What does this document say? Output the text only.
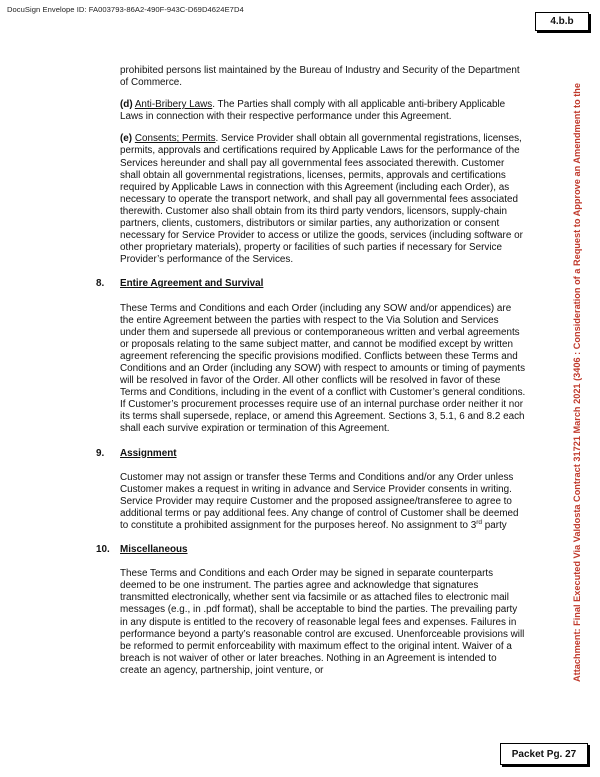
DocuSign Envelope ID: FA003793-86A2-490F-943C-D69D4624E7D4
4.b.b
Attachment: Final Executed Via Valdosta Contract 31721 March 2021 (3406 : Consideration of a Request to Approve an Amendment to the

prohibited persons list maintained by the Bureau of Industry and Security of the Department of Commerce.

(d) Anti-Bribery Laws. The Parties shall comply with all applicable anti-bribery Applicable Laws in connection with their respective performance under this Agreement.

(e) Consents; Permits. Service Provider shall obtain all governmental registrations, licenses, permits, approvals and certifications required by Applicable Laws for the performance of the Services hereunder and shall pay all governmental fees associated therewith. Customer shall obtain all governmental registrations, licenses, permits, approvals and certifications required by Applicable Laws in connection with this Agreement (including each Order), as necessary to operate the transport network, and shall pay all governmental fees associated therewith. Customer also shall obtain from its third party vendors, licensors, supply-chain partners, clients, customers, distributors or similar parties, any authorization or consent necessary for Service Provider to access or utilize the goods, services (including software or other proprietary materials), property or facilities of such parties if necessary for Service Provider’s performance of the Services.

8.	Entire Agreement and Survival

These Terms and Conditions and each Order (including any SOW and/or appendices) are the entire Agreement between the parties with respect to the Via Solution and Services under them and supersede all previous or contemporaneous written and verbal agreements or proposals relating to the same subject matter, and cannot be modified except by written agreement referencing the specific provisions modified. Conflicts between these Terms and Conditions and an Order (including any SOW) with respect to amounts or timing of payments will be resolved in favor of the Order. All other conflicts will be resolved in favor of these Terms and Conditions, including in the event of a conflict with Customer’s general conditions. If Customer’s procurement processes require use of an internal purchase order neither it nor its terms shall supersede, replace, or amend this Agreement. Sections 3, 5.1, 6 and 8.2 each shall each survive expiration or termination of this Agreement.

9.	Assignment

Customer may not assign or transfer these Terms and Conditions and/or any Order unless Customer makes a request in writing in advance and Service Provider consents in writing. Service Provider may require Customer and the proposed assignee/transferee to agree to additional terms or pay additional fees. Any change of control of Customer shall be deemed to constitute a prohibited assignment for the purposes hereof. No assignment to 3rd party

10.	Miscellaneous

These Terms and Conditions and each Order may be signed in separate counterparts deemed to be one instrument. The parties agree and acknowledge that signatures transmitted electronically, whether sent via facsimile or as attached files to electronic mail messages (e.g., in .pdf format), shall be acceptable to bind the parties. The prevailing party in any dispute is entitled to the recovery of reasonable legal fees and expenses. Failures in performance beyond a party’s reasonable control are excused. Unenforceable provisions will be reformed to permit enforceability with maximum effect to the original intent. Waiver of a breach is not waiver of other or later breaches. Nothing in an Agreement is intended to create an agency, partnership, joint venture, or

Packet Pg. 27
